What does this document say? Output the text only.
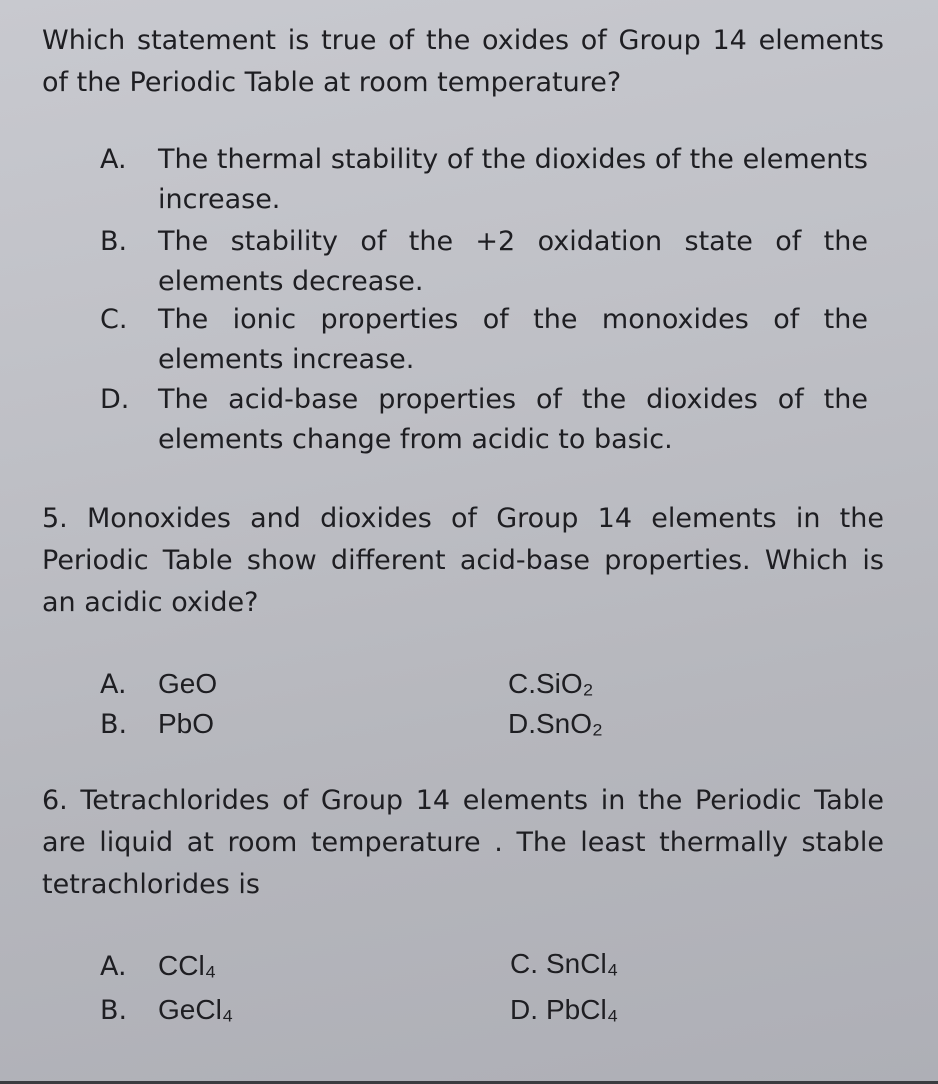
Which statement is true of the oxides of Group 14 elements of the Periodic Table at room temperature?
A.	The thermal stability of the dioxides of the elements increase.
B.	The stability of the +2 oxidation state of the elements decrease.
C.	The ionic properties of the monoxides of the elements increase.
D.	The acid-base properties of the dioxides of the elements change from acidic to basic.
5. Monoxides and dioxides of Group 14 elements in the Periodic Table show different acid-base properties. Which is an acidic oxide?
A. GeO
B. PbO
C.SiO₂
D.SnO₂
6. Tetrachlorides of Group 14 elements in the Periodic Table are liquid at room temperature . The least thermally stable tetrachlorides is
A. CCl₄
B. GeCl₄
C. SnCl₄
D. PbCl₄
